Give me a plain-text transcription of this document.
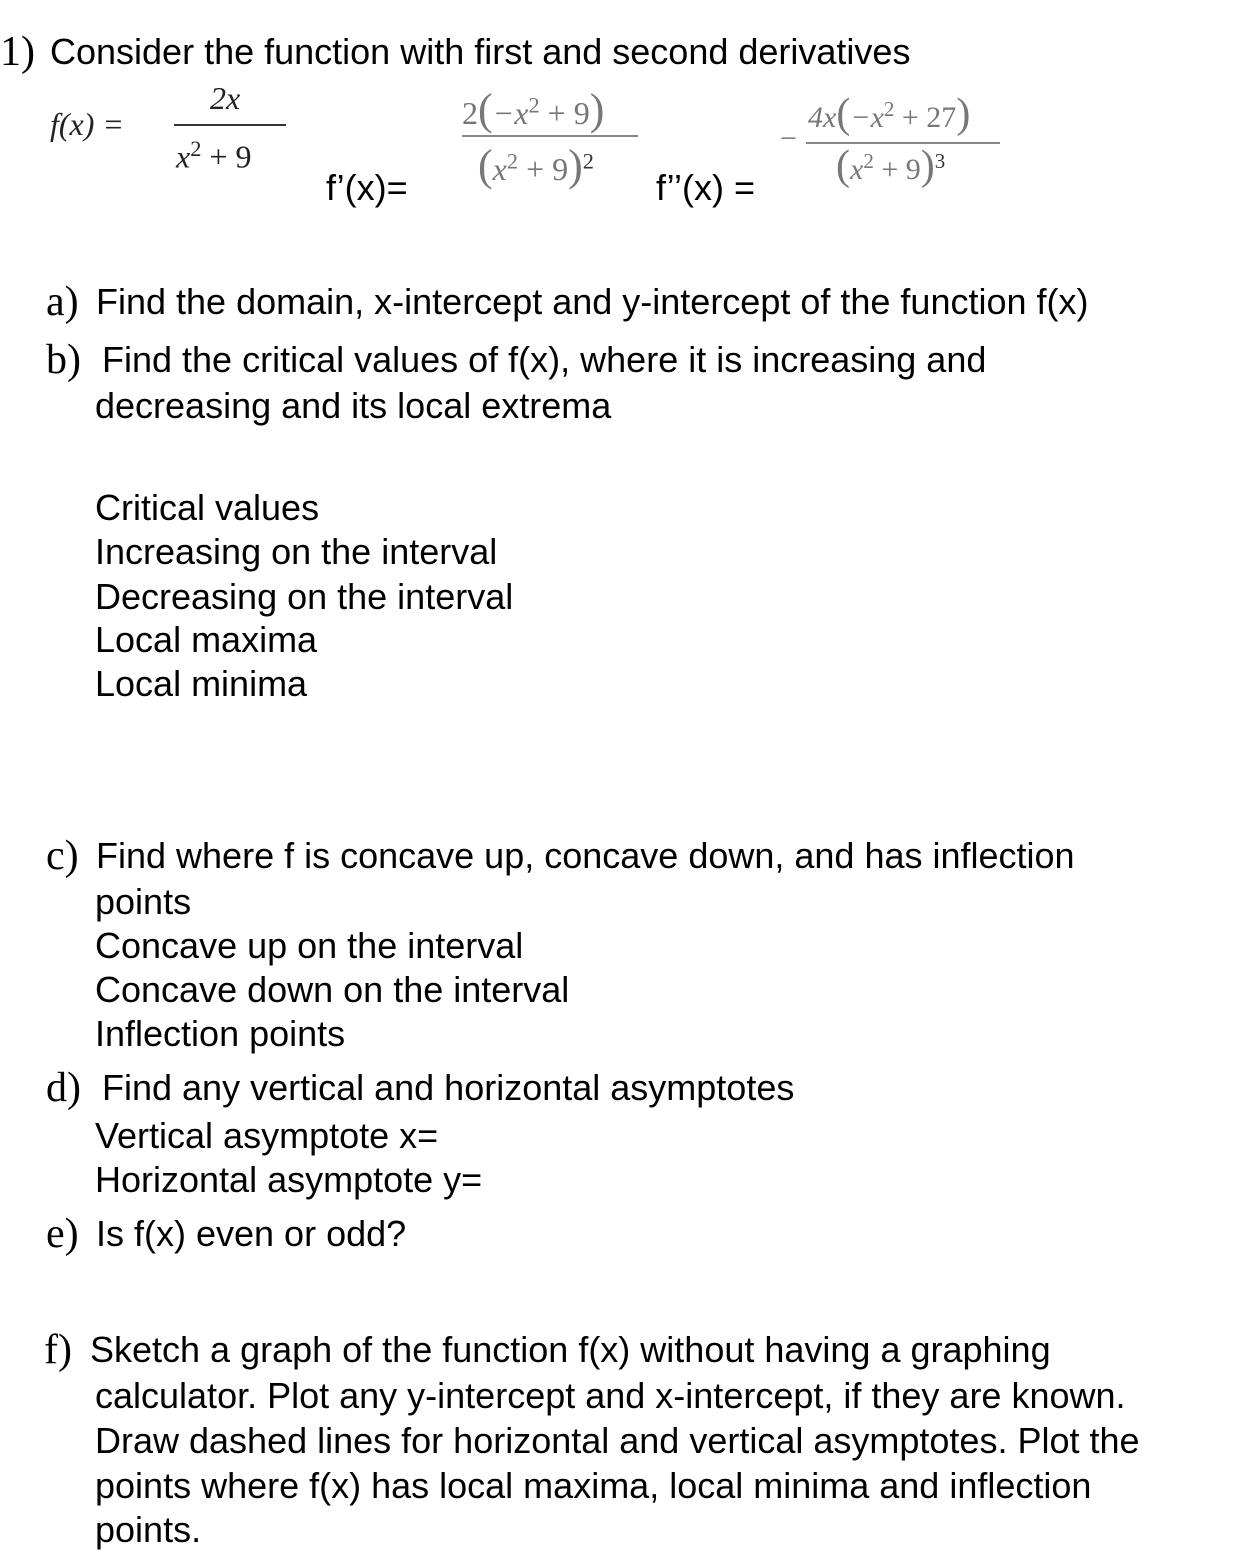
1) Consider the function with first and second derivatives
f(x) =
2x
$x^2 + 9$
f’(x)=
$2(-x^2 + 9)$
$(x^2 + 9)^2$
f’’(x) =
−
$4x(-x^2 + 27)$
$(x^2 + 9)^3$
a) Find the domain, x-intercept and y-intercept of the function f(x)
b) Find the critical values of f(x), where it is increasing and
decreasing and its local extrema
Critical values
Increasing on the interval
Decreasing on the interval
Local maxima
Local minima
c) Find where f is concave up, concave down, and has inflection
points
Concave up on the interval
Concave down on the interval
Inflection points
d) Find any vertical and horizontal asymptotes
Vertical asymptote x=
Horizontal asymptote y=
e) Is f(x) even or odd?
f) Sketch a graph of the function f(x) without having a graphing
calculator. Plot any y-intercept and x-intercept, if they are known.
Draw dashed lines for horizontal and vertical asymptotes. Plot the
points where f(x) has local maxima, local minima and inflection
points.
